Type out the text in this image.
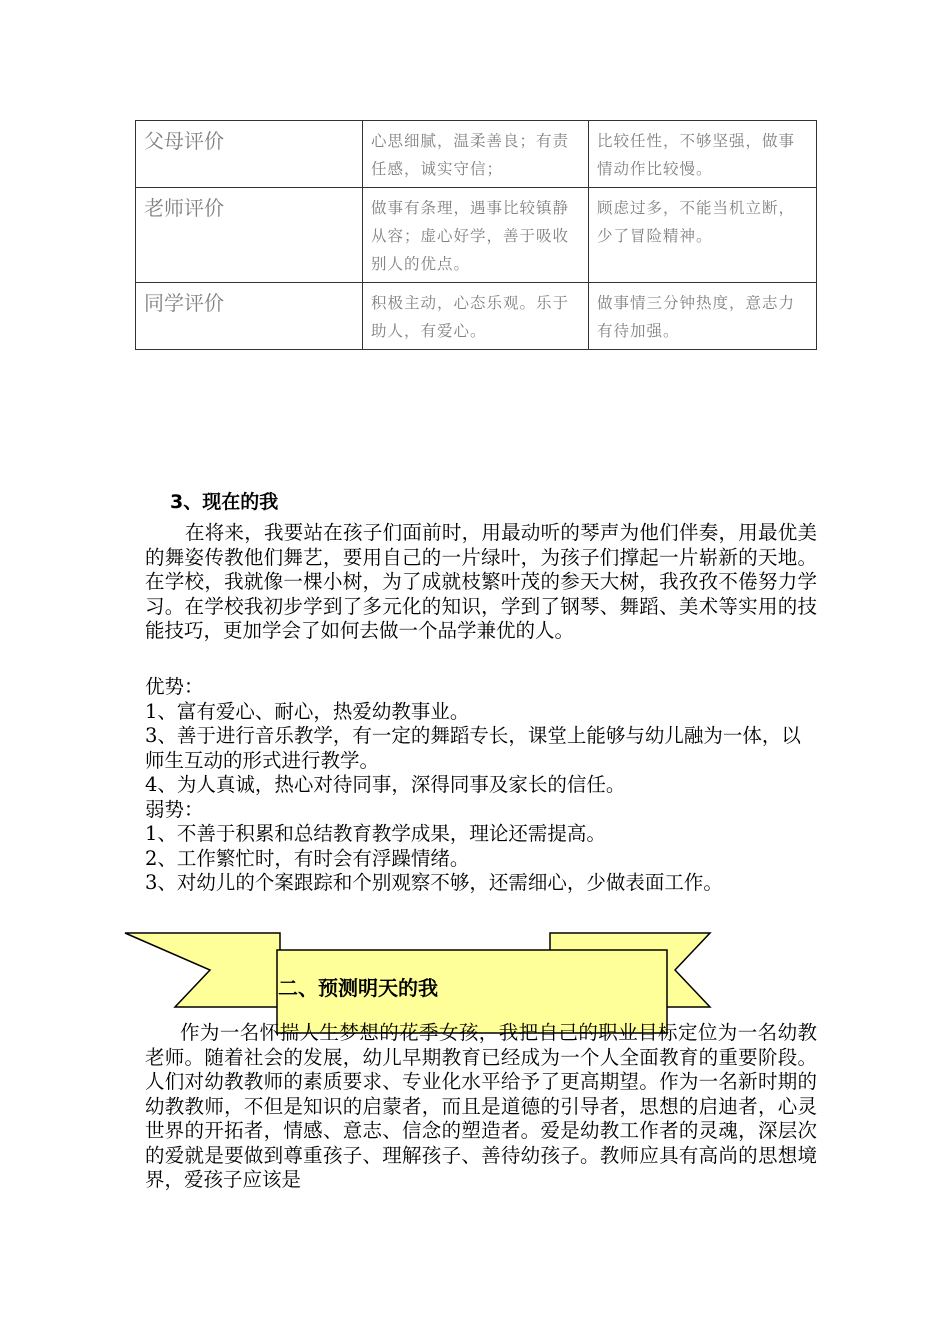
父母评价	心思细腻，温柔善良；有责任感，诚实守信；	比较任性，不够坚强，做事情动作比较慢。
老师评价	做事有条理，遇事比较镇静从容；虚心好学，善于吸收别人的优点。	顾虑过多，不能当机立断，少了冒险精神。
同学评价	积极主动，心态乐观。乐于助人，有爱心。	做事情三分钟热度，意志力有待加强。
3、现在的我
在将来，我要站在孩子们面前时，用最动听的琴声为他们伴奏，用最优美的舞姿传教他们舞艺，要用自己的一片绿叶，为孩子们撑起一片崭新的天地。在学校，我就像一棵小树，为了成就枝繁叶茂的参天大树，我孜孜不倦努力学习。在学校我初步学到了多元化的知识，学到了钢琴、舞蹈、美术等实用的技能技巧，更加学会了如何去做一个品学兼优的人。
优势：
1、富有爱心、耐心，热爱幼教事业。
3、善于进行音乐教学，有一定的舞蹈专长，课堂上能够与幼儿融为一体，以师生互动的形式进行教学。
4、为人真诚，热心对待同事，深得同事及家长的信任。
弱势：
1、不善于积累和总结教育教学成果，理论还需提高。
2、工作繁忙时，有时会有浮躁情绪。
3、对幼儿的个案跟踪和个别观察不够，还需细心，少做表面工作。
二、预测明天的我
作为一名怀揣人生梦想的花季女孩，我把自己的职业目标定位为一名幼教老师。随着社会的发展，幼儿早期教育已经成为一个人全面教育的重要阶段。人们对幼教教师的素质要求、专业化水平给予了更高期望。作为一名新时期的幼教教师，不但是知识的启蒙者，而且是道德的引导者，思想的启迪者，心灵世界的开拓者，情感、意志、信念的塑造者。爱是幼教工作者的灵魂，深层次的爱就是要做到尊重孩子、理解孩子、善待幼孩子。教师应具有高尚的思想境界，爱孩子应该是
